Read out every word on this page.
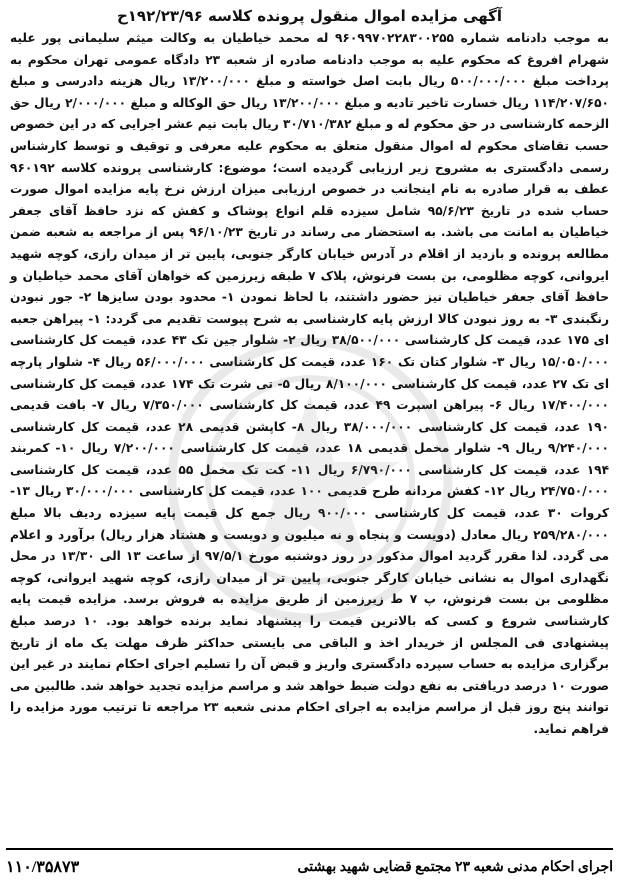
آگهی مزایده اموال منقول پرونده کلاسه ۱۹۲/۲۳/۹۶ح

به موجب دادنامه شماره ۹۶۰۹۹۷۰۲۲۸۳۰۰۲۵۵ له محمد خیاطیان به وکالت میثم سلیمانی پور علیه شهرام افروغ که محکوم علیه به موجب دادنامه صادره از شعبه ۲۳ دادگاه عمومی تهران محکوم به پرداخت مبلغ ۵۰۰/۰۰۰/۰۰۰ ریال بابت اصل خواسته و مبلغ ۱۳/۲۰۰/۰۰۰ ریال هزینه دادرسی و مبلغ ۱۱۴/۲۰۷/۶۵۰ ریال خسارت تاخیر تادیه و مبلغ ۱۳/۲۰۰/۰۰۰ ریال حق الوکاله و مبلغ ۲/۰۰۰/۰۰۰ ریال حق الزحمه کارشناسی در حق محکوم له و مبلغ ۳۰/۷۱۰/۳۸۲ ریال بابت نیم عشر اجرایی که در این خصوص حسب تقاضای محکوم له اموال منقول متعلق به محکوم علیه معرفی و توقیف و توسط کارشناس رسمی دادگستری به مشروح زیر ارزیابی گردیده است؛ موضوع: کارشناسی پرونده کلاسه ۹۶۰۱۹۲ عطف به قرار صادره به نام اینجانب در خصوص ارزیابی میزان ارزش نرخ پایه مزایده اموال صورت حساب شده در تاریخ ۹۵/۶/۲۳ شامل سیزده قلم انواع پوشاک و کفش که نزد حافظ آقای جعفر خیاطیان به امانت می باشد. به استحضار می رساند در تاریخ ۹۶/۱۰/۲۳ پس از مراجعه به شعبه ضمن مطالعه پرونده و بازدید از اقلام در آدرس خیابان کارگر جنوبی، پایین تر از میدان رازی، کوچه شهید ایروانی، کوچه مظلومی، بن بست فرنوش، پلاک ۷ طبقه زیرزمین که خواهان آقای محمد خیاطیان و حافظ آقای جعفر خیاطیان نیز حضور داشتند، با لحاظ نمودن ۱- محدود بودن سایزها ۲- جور نبودن رنگبندی ۳- به روز نبودن کالا ارزش پایه کارشناسی به شرح پیوست تقدیم می گردد: ۱- پیراهن جعبه ای ۱۷۵ عدد، قیمت کل کارشناسی ۳۸/۵۰۰/۰۰۰ ریال ۲- شلوار جین تک ۴۳ عدد، قیمت کل کارشناسی ۱۵/۰۵۰/۰۰۰ ریال ۳- شلوار کتان تک ۱۶۰ عدد، قیمت کل کارشناسی ۵۶/۰۰۰/۰۰۰ ریال ۴- شلوار پارچه ای تک ۲۷ عدد، قیمت کل کارشناسی ۸/۱۰۰/۰۰۰ ریال ۵- تی شرت تک ۱۷۴ عدد، قیمت کل کارشناسی ۱۷/۴۰۰/۰۰۰ ریال ۶- پیراهن اسپرت ۴۹ عدد، قیمت کل کارشناسی ۷/۳۵۰/۰۰۰ ریال ۷- بافت قدیمی ۱۹۰ عدد، قیمت کل کارشناسی ۳۸/۰۰۰/۰۰۰ ریال ۸- کاپشن قدیمی ۲۸ عدد، قیمت کل کارشناسی ۹/۲۴۰/۰۰۰ ریال ۹- شلوار مخمل قدیمی ۱۸ عدد، قیمت کل کارشناسی ۷/۲۰۰/۰۰۰ ریال ۱۰- کمربند ۱۹۴ عدد، قیمت کل کارشناسی ۶/۷۹۰/۰۰۰ ریال ۱۱- کت تک مخمل ۵۵ عدد، قیمت کل کارشناسی ۲۴/۷۵۰/۰۰۰ ریال ۱۲- کفش مردانه طرح قدیمی ۱۰۰ عدد، قیمت کل کارشناسی ۳۰/۰۰۰/۰۰۰ ریال ۱۳- کروات ۳۰ عدد، قیمت کل کارشناسی ۹۰۰/۰۰۰ ریال جمع کل قیمت پایه سیزده ردیف بالا مبلغ ۲۵۹/۲۸۰/۰۰۰ ریال معادل (دویست و پنجاه و نه میلیون و دویست و هشتاد هزار ریال) برآورد و اعلام می گردد. لذا مقرر گردید اموال مذکور در روز دوشنبه مورخ ۹۷/۵/۱ از ساعت ۱۳ الی ۱۳/۳۰ در محل نگهداری اموال به نشانی خیابان کارگر جنوبی، پایین تر از میدان رازی، کوچه شهید ایروانی، کوچه مظلومی بن بست فرنوش، پ ۷ ط زیرزمین از طریق مزایده به فروش برسد. مزایده قیمت پایه کارشناسی شروع و کسی که بالاترین قیمت را پیشنهاد نماید برنده خواهد بود. ۱۰ درصد مبلغ پیشنهادی فی المجلس از خریدار اخذ و الباقی می بایستی حداکثر ظرف مهلت یک ماه از تاریخ برگزاری مزایده به حساب سپرده دادگستری واریز و قبض آن را تسلیم اجرای احکام نمایند در غیر این صورت ۱۰ درصد دریافتی به نفع دولت ضبط خواهد شد و مراسم مزایده تجدید خواهد شد. طالبین می توانند پنج روز قبل از مراسم مزایده به اجرای احکام مدنی شعبه ۲۳ مراجعه تا ترتیب مورد مزایده را فراهم نماید.

اجرای احکام مدنی شعبه ۲۳ مجتمع قضایی شهید بهشتی
۱۱۰/۳۵۸۷۳
